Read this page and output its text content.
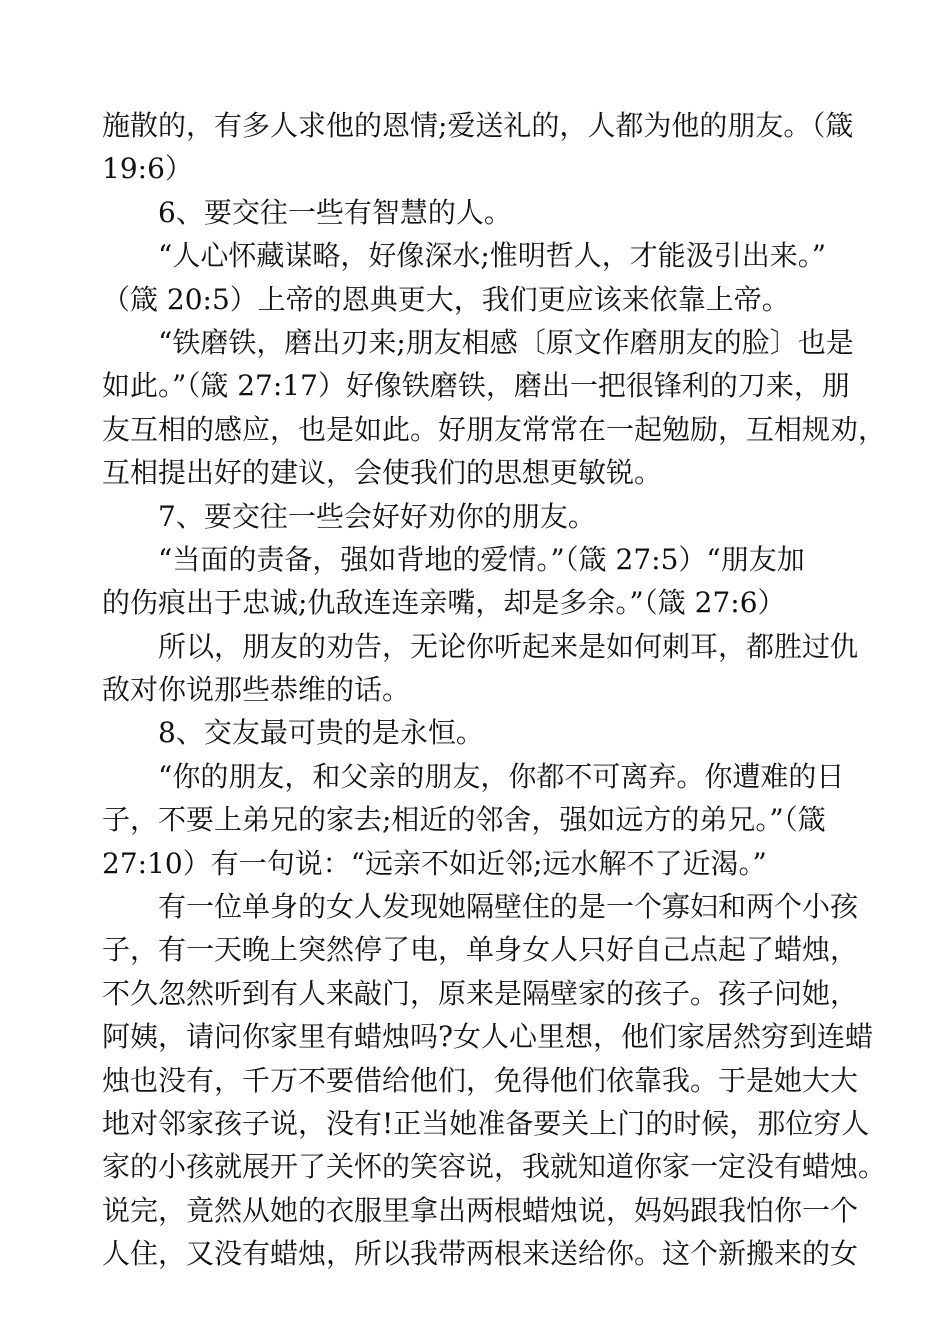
施散的，有多人求他的恩情;爱送礼的，人都为他的朋友。（箴
19:6）
　　6、要交往一些有智慧的人。
　　“人心怀藏谋略，好像深水;惟明哲人，才能汲引出来。”
（箴 20:5）上帝的恩典更大，我们更应该来依靠上帝。
　　“铁磨铁，磨出刃来;朋友相感〔原文作磨朋友的脸〕也是
如此。”（箴 27:17）好像铁磨铁，磨出一把很锋利的刀来，朋
友互相的感应，也是如此。好朋友常常在一起勉励，互相规劝，
互相提出好的建议，会使我们的思想更敏锐。
　　7、要交往一些会好好劝你的朋友。
　　“当面的责备，强如背地的爱情。”（箴 27:5）“朋友加
的伤痕出于忠诚;仇敌连连亲嘴，却是多余。”（箴 27:6）
　　所以，朋友的劝告，无论你听起来是如何刺耳，都胜过仇
敌对你说那些恭维的话。
　　8、交友最可贵的是永恒。
　　“你的朋友，和父亲的朋友，你都不可离弃。你遭难的日
子，不要上弟兄的家去;相近的邻舍，强如远方的弟兄。”（箴
27:10）有一句说：“远亲不如近邻;远水解不了近渴。”
　　有一位单身的女人发现她隔壁住的是一个寡妇和两个小孩
子，有一天晚上突然停了电，单身女人只好自己点起了蜡烛，
不久忽然听到有人来敲门，原来是隔壁家的孩子。孩子问她，
阿姨，请问你家里有蜡烛吗?女人心里想，他们家居然穷到连蜡
烛也没有，千万不要借给他们，免得他们依靠我。于是她大大
地对邻家孩子说，没有!正当她准备要关上门的时候，那位穷人
家的小孩就展开了关怀的笑容说，我就知道你家一定没有蜡烛。
说完，竟然从她的衣服里拿出两根蜡烛说，妈妈跟我怕你一个
人住，又没有蜡烛，所以我带两根来送给你。这个新搬来的女
